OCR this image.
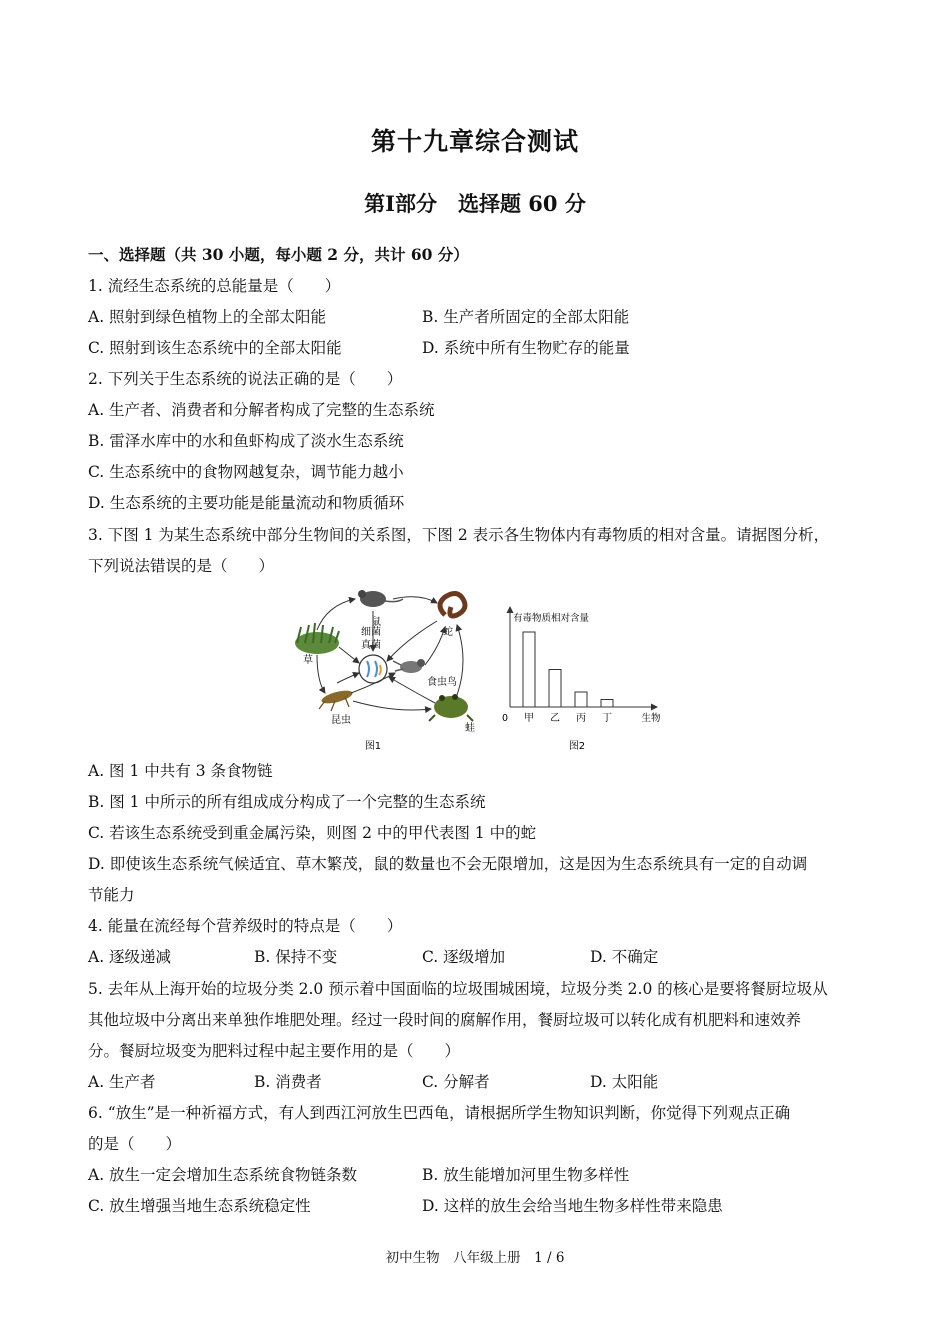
第十九章综合测试
第Ⅰ部分　选择题 60 分
一、选择题（共 30 小题，每小题 2 分，共计 60 分）
1. 流经生态系统的总能量是（　　）
A. 照射到绿色植物上的全部太阳能	B. 生产者所固定的全部太阳能
C. 照射到该生态系统中的全部太阳能	D. 系统中所有生物贮存的能量
2. 下列关于生态系统的说法正确的是（　　）
A. 生产者、消费者和分解者构成了完整的生态系统
B. 雷泽水库中的水和鱼虾构成了淡水生态系统
C. 生态系统中的食物网越复杂，调节能力越小
D. 生态系统的主要功能是能量流动和物质循环
3. 下图 1 为某生态系统中部分生物间的关系图，下图 2 表示各生物体内有毒物质的相对含量。请据图分析，
下列说法错误的是（　　）
草
鼠
蛇
细菌
真菌
食虫鸟
昆虫
蛙
图1
有毒物质相对含量
0	生物
甲 乙 丙 丁
图2
A. 图 1 中共有 3 条食物链
B. 图 1 中所示的所有组成成分构成了一个完整的生态系统
C. 若该生态系统受到重金属污染，则图 2 中的甲代表图 1 中的蛇
D. 即使该生态系统气候适宜、草木繁茂，鼠的数量也不会无限增加，这是因为生态系统具有一定的自动调
节能力
4. 能量在流经每个营养级时的特点是（　　）
A. 逐级递减	B. 保持不变	C. 逐级增加	D. 不确定
5. 去年从上海开始的垃圾分类 2.0 预示着中国面临的垃圾围城困境，垃圾分类 2.0 的核心是要将餐厨垃圾从
其他垃圾中分离出来单独作堆肥处理。经过一段时间的腐解作用，餐厨垃圾可以转化成有机肥料和速效养
分。餐厨垃圾变为肥料过程中起主要作用的是（　　）
A. 生产者	B. 消费者	C. 分解者	D. 太阳能
6. “放生”是一种祈福方式，有人到西江河放生巴西龟，请根据所学生物知识判断，你觉得下列观点正确
的是（　　）
A. 放生一定会增加生态系统食物链条数	B. 放生能增加河里生物多样性
C. 放生增强当地生态系统稳定性	D. 这样的放生会给当地生物多样性带来隐患
初中生物　八年级上册　1 / 6
